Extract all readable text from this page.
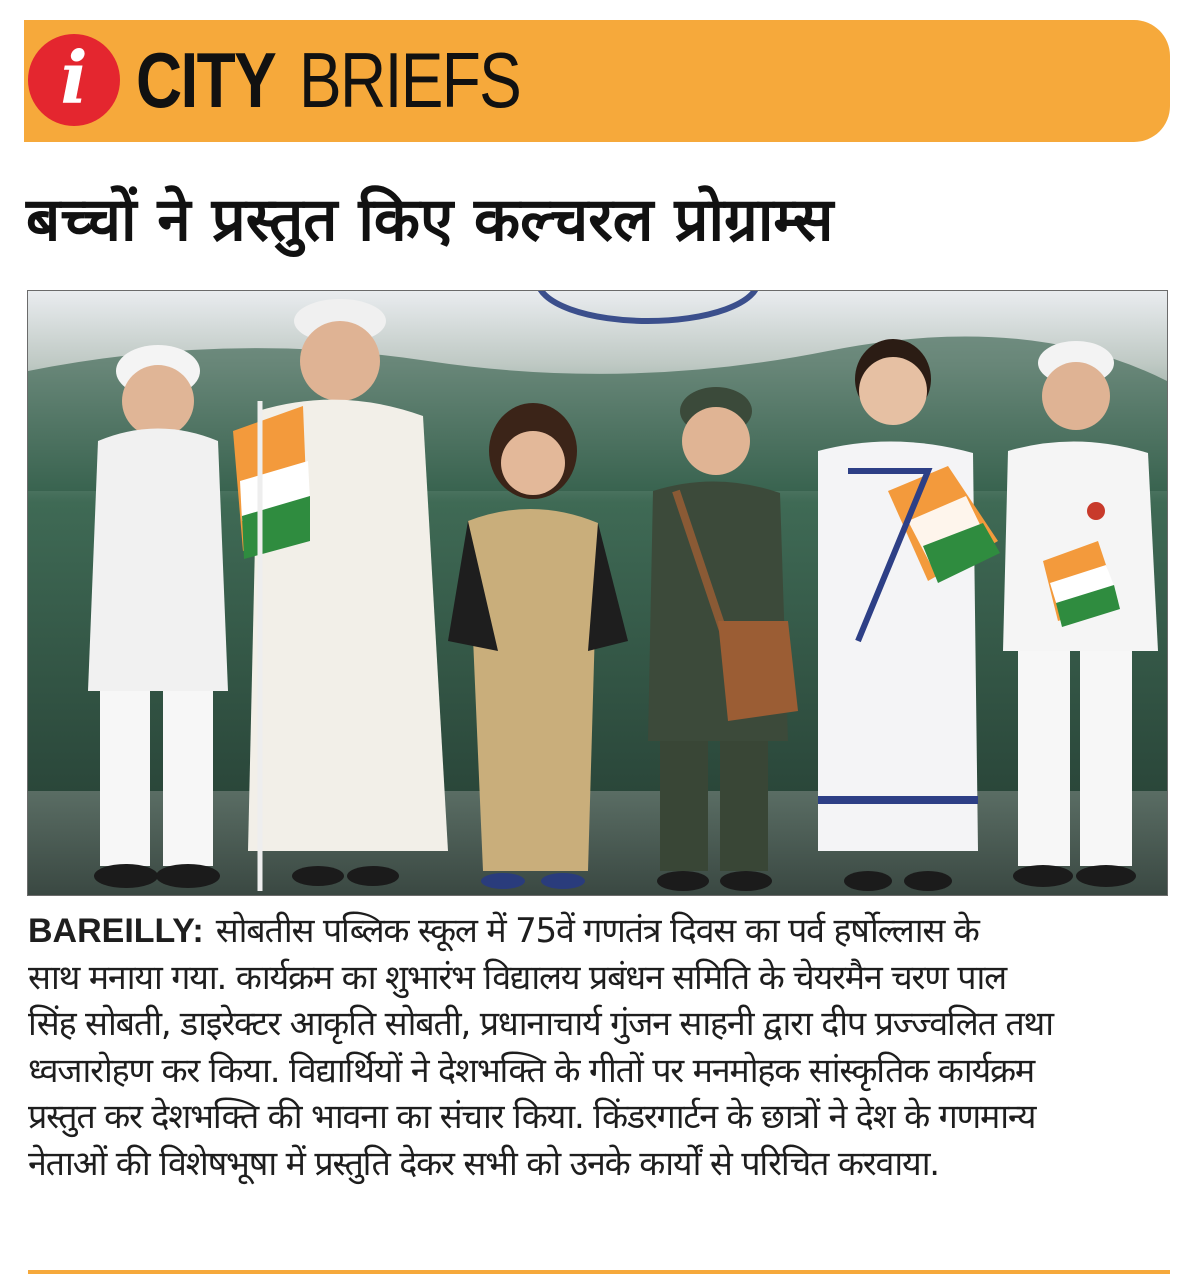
i CITY BRIEFS
बच्चों ने प्रस्तुत किए कल्चरल प्रोग्राम्स
BAREILLY: सोबतीस पब्लिक स्कूल में 75वें गणतंत्र दिवस का पर्व हर्षोल्लास के
साथ मनाया गया. कार्यक्रम का शुभारंभ विद्यालय प्रबंधन समिति के चेयरमैन चरण पाल
सिंह सोबती, डाइरेक्टर आकृति सोबती, प्रधानाचार्य गुंजन साहनी द्वारा दीप प्रज्ज्वलित तथा
ध्वजारोहण कर किया. विद्यार्थियों ने देशभक्ति के गीतों पर मनमोहक सांस्कृतिक कार्यक्रम
प्रस्तुत कर देशभक्ति की भावना का संचार किया. किंडरगार्टन के छात्रों ने देश के गणमान्य
नेताओं की विशेषभूषा में प्रस्तुति देकर सभी को उनके कार्यों से परिचित करवाया.
